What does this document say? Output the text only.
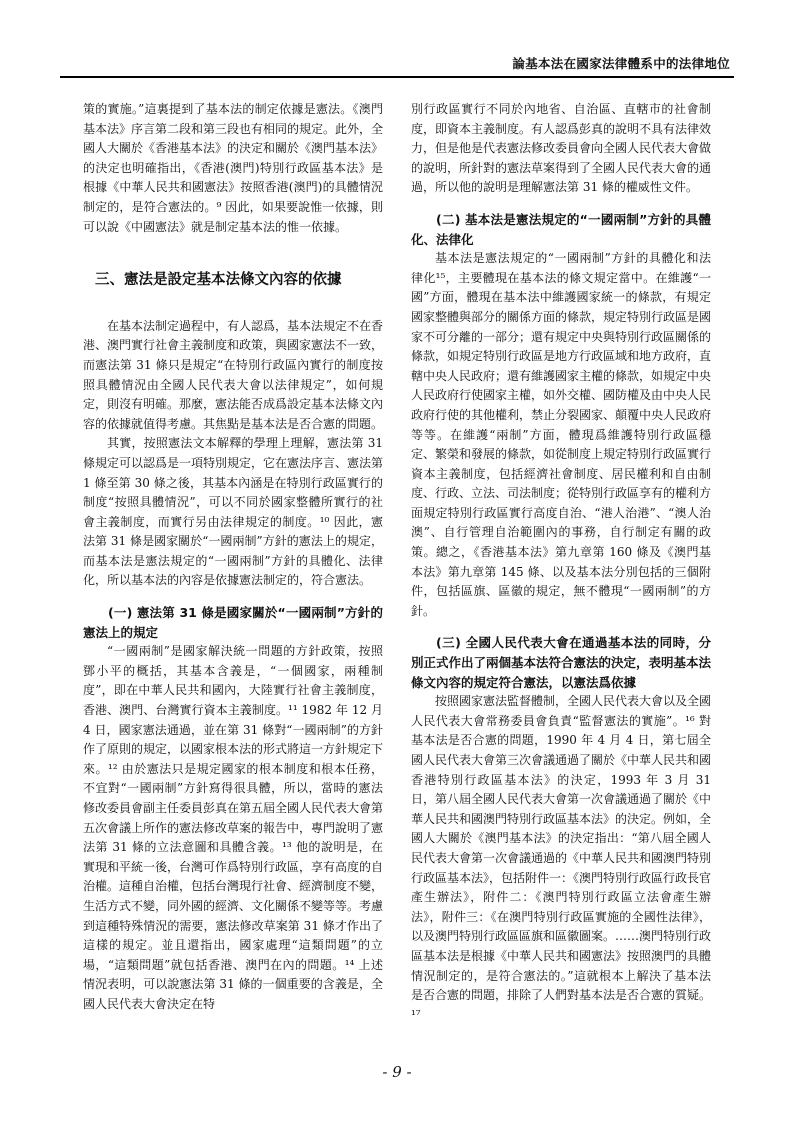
論基本法在國家法律體系中的法律地位

策的實施。”這裏提到了基本法的制定依據是憲法。《澳門基本法》序言第二段和第三段也有相同的規定。此外，全國人大關於《香港基本法》的決定和關於《澳門基本法》的決定也明確指出，《香港(澳門)特別行政區基本法》是根據《中華人民共和國憲法》按照香港(澳門)的具體情況制定的，是符合憲法的。⁹ 因此，如果要說惟一依據，則可以說《中國憲法》就是制定基本法的惟一依據。

三、憲法是設定基本法條文內容的依據

在基本法制定過程中，有人認爲，基本法規定不在香港、澳門實行社會主義制度和政策，與國家憲法不一致，而憲法第 31 條只是規定“在特別行政區內實行的制度按照具體情況由全國人民代表大會以法律規定”，如何規定，則沒有明確。那麼，憲法能否成爲設定基本法條文內容的依據就值得考慮。其焦點是基本法是否合憲的問題。

其實，按照憲法文本解釋的學理上理解，憲法第 31 條規定可以認爲是一項特別規定，它在憲法序言、憲法第 1 條至第 30 條之後，其基本內涵是在特別行政區實行的制度“按照具體情況”，可以不同於國家整體所實行的社會主義制度，而實行另由法律規定的制度。¹⁰ 因此，憲法第 31 條是國家關於“一國兩制”方針的憲法上的規定，而基本法是憲法規定的“一國兩制”方針的具體化、法律化，所以基本法的內容是依據憲法制定的，符合憲法。

(一) 憲法第 31 條是國家關於“一國兩制”方針的憲法上的規定

“一國兩制”是國家解決統一問題的方針政策，按照鄧小平的概括，其基本含義是，“一個國家，兩種制度”，即在中華人民共和國內，大陸實行社會主義制度，香港、澳門、台灣實行資本主義制度。¹¹ 1982 年 12 月 4 日，國家憲法通過，並在第 31 條對“一國兩制”的方針作了原則的規定，以國家根本法的形式將這一方針規定下來。¹² 由於憲法只是規定國家的根本制度和根本任務，不宜對“一國兩制”方針寫得很具體，所以，當時的憲法修改委員會副主任委員彭真在第五屆全國人民代表大會第五次會議上所作的憲法修改草案的報告中，專門說明了憲法第 31 條的立法意圖和具體含義。¹³ 他的說明是，在實現和平統一後，台灣可作爲特別行政區，享有高度的自治權。這種自治權，包括台灣現行社會、經濟制度不變，生活方式不變，同外國的經濟、文化關係不變等等。考慮到這種特殊情況的需要，憲法修改草案第 31 條才作出了這樣的規定。並且還指出，國家處理“這類問題”的立場，“這類問題”就包括香港、澳門在內的問題。¹⁴ 上述情況表明，可以說憲法第 31 條的一個重要的含義是，全國人民代表大會決定在特

別行政區實行不同於內地省、自治區、直轄市的社會制度，即資本主義制度。有人認爲彭真的說明不具有法律效力，但是他是代表憲法修改委員會向全國人民代表大會做的說明，所針對的憲法草案得到了全國人民代表大會的通過，所以他的說明是理解憲法第 31 條的權威性文件。

(二) 基本法是憲法規定的“一國兩制”方針的具體化、法律化

基本法是憲法規定的“一國兩制”方針的具體化和法律化¹⁵，主要體現在基本法的條文規定當中。在維護“一國”方面，體現在基本法中維護國家統一的條款，有規定國家整體與部分的關係方面的條款，規定特別行政區是國家不可分離的一部分；還有規定中央與特別行政區關係的條款，如規定特別行政區是地方行政區域和地方政府，直轄中央人民政府；還有維護國家主權的條款，如規定中央人民政府行使國家主權，如外交權、國防權及由中央人民政府行使的其他權利，禁止分裂國家、顛覆中央人民政府等等。在維護“兩制”方面，體現爲維護特別行政區穩定、繁榮和發展的條款，如從制度上規定特別行政區實行資本主義制度，包括經濟社會制度、居民權利和自由制度、行政、立法、司法制度；從特別行政區享有的權利方面規定特別行政區實行高度自治、“港人治港”、“澳人治澳”、自行管理自治範圍內的事務，自行制定有關的政策。總之，《香港基本法》第九章第 160 條及《澳門基本法》第九章第 145 條、以及基本法分別包括的三個附件，包括區旗、區徽的規定，無不體現“一國兩制”的方針。

(三) 全國人民代表大會在通過基本法的同時，分別正式作出了兩個基本法符合憲法的決定，表明基本法條文內容的規定符合憲法，以憲法爲依據

按照國家憲法監督體制，全國人民代表大會以及全國人民代表大會常務委員會負責“監督憲法的實施”。¹⁶ 對基本法是否合憲的問題，1990 年 4 月 4 日，第七屆全國人民代表大會第三次會議通過了關於《中華人民共和國香港特別行政區基本法》的決定，1993 年 3 月 31 日，第八屆全國人民代表大會第一次會議通過了關於《中華人民共和國澳門特別行政區基本法》的決定。例如，全國人大關於《澳門基本法》的決定指出：“第八屆全國人民代表大會第一次會議通過的《中華人民共和國澳門特別行政區基本法》，包括附件一：《澳門特別行政區行政長官產生辦法》，附件二：《澳門特別行政區立法會產生辦法》，附件三：《在澳門特別行政區實施的全國性法律》，以及澳門特別行政區區旗和區徽圖案。……澳門特別行政區基本法是根據《中華人民共和國憲法》按照澳門的具體情況制定的，是符合憲法的。”這就根本上解決了基本法是否合憲的問題，排除了人們對基本法是否合憲的質疑。¹⁷

- 9 -
